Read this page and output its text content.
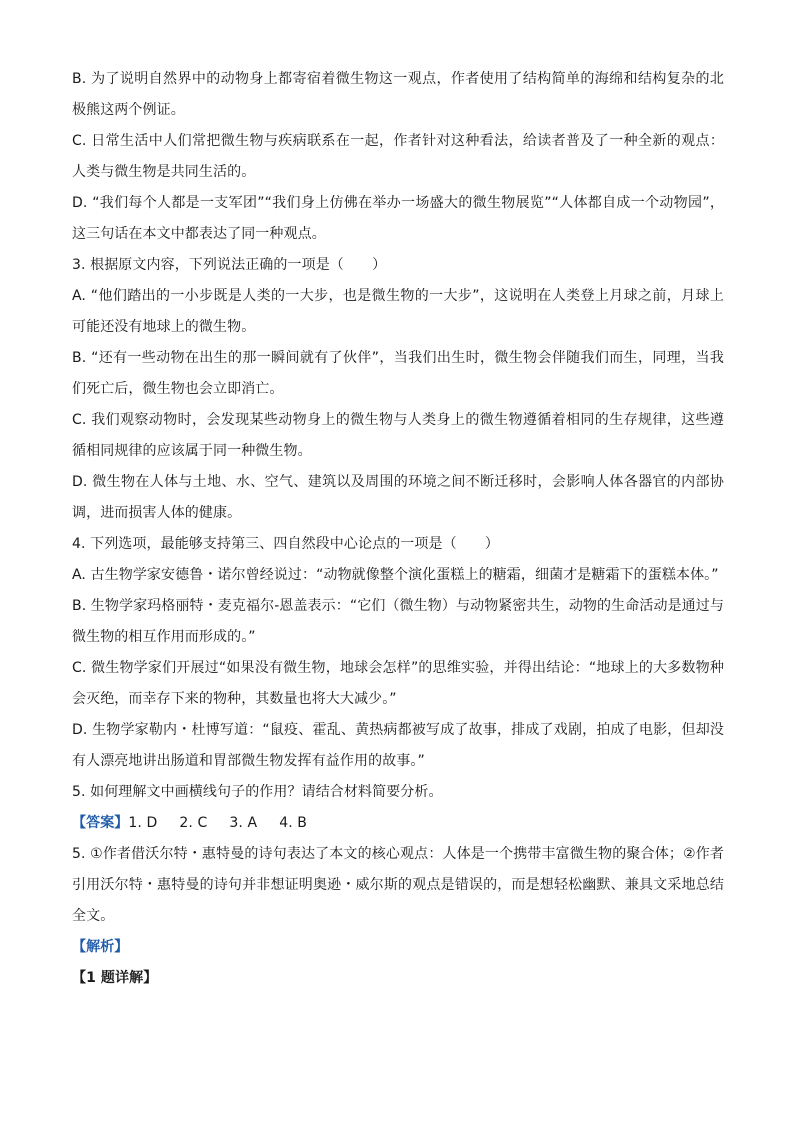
B. 为了说明自然界中的动物身上都寄宿着微生物这一观点，作者使用了结构简单的海绵和结构复杂的北极熊这两个例证。

C. 日常生活中人们常把微生物与疾病联系在一起，作者针对这种看法，给读者普及了一种全新的观点：人类与微生物是共同生活的。

D. “我们每个人都是一支军团”“我们身上仿佛在举办一场盛大的微生物展览”“人体都自成一个动物园”，这三句话在本文中都表达了同一种观点。

3. 根据原文内容，下列说法正确的一项是（　　）

A. “他们踏出的一小步既是人类的一大步，也是微生物的一大步”，这说明在人类登上月球之前，月球上可能还没有地球上的微生物。

B. “还有一些动物在出生的那一瞬间就有了伙伴”，当我们出生时，微生物会伴随我们而生，同理，当我们死亡后，微生物也会立即消亡。

C. 我们观察动物时，会发现某些动物身上的微生物与人类身上的微生物遵循着相同的生存规律，这些遵循相同规律的应该属于同一种微生物。

D. 微生物在人体与土地、水、空气、建筑以及周围的环境之间不断迁移时，会影响人体各器官的内部协调，进而损害人体的健康。

4. 下列选项，最能够支持第三、四自然段中心论点的一项是（　　）

A. 古生物学家安德鲁・诺尔曾经说过：“动物就像整个演化蛋糕上的糖霜，细菌才是糖霜下的蛋糕本体。”

B. 生物学家玛格丽特・麦克福尔-恩盖表示：“它们（微生物）与动物紧密共生，动物的生命活动是通过与微生物的相互作用而形成的。”

C. 微生物学家们开展过“如果没有微生物，地球会怎样”的思维实验，并得出结论：“地球上的大多数物种会灭绝，而幸存下来的物种，其数量也将大大减少。”

D. 生物学家勒内・杜博写道：“鼠疫、霍乱、黄热病都被写成了故事，排成了戏剧，拍成了电影，但却没有人漂亮地讲出肠道和胃部微生物发挥有益作用的故事。”

5. 如何理解文中画横线句子的作用？请结合材料简要分析。

【答案】1. D 2. C 3. A 4. B

5. ①作者借沃尔特・惠特曼的诗句表达了本文的核心观点：人体是一个携带丰富微生物的聚合体；②作者引用沃尔特・惠特曼的诗句并非想证明奥逊・威尔斯的观点是错误的，而是想轻松幽默、兼具文采地总结全文。

【解析】

【1 题详解】
